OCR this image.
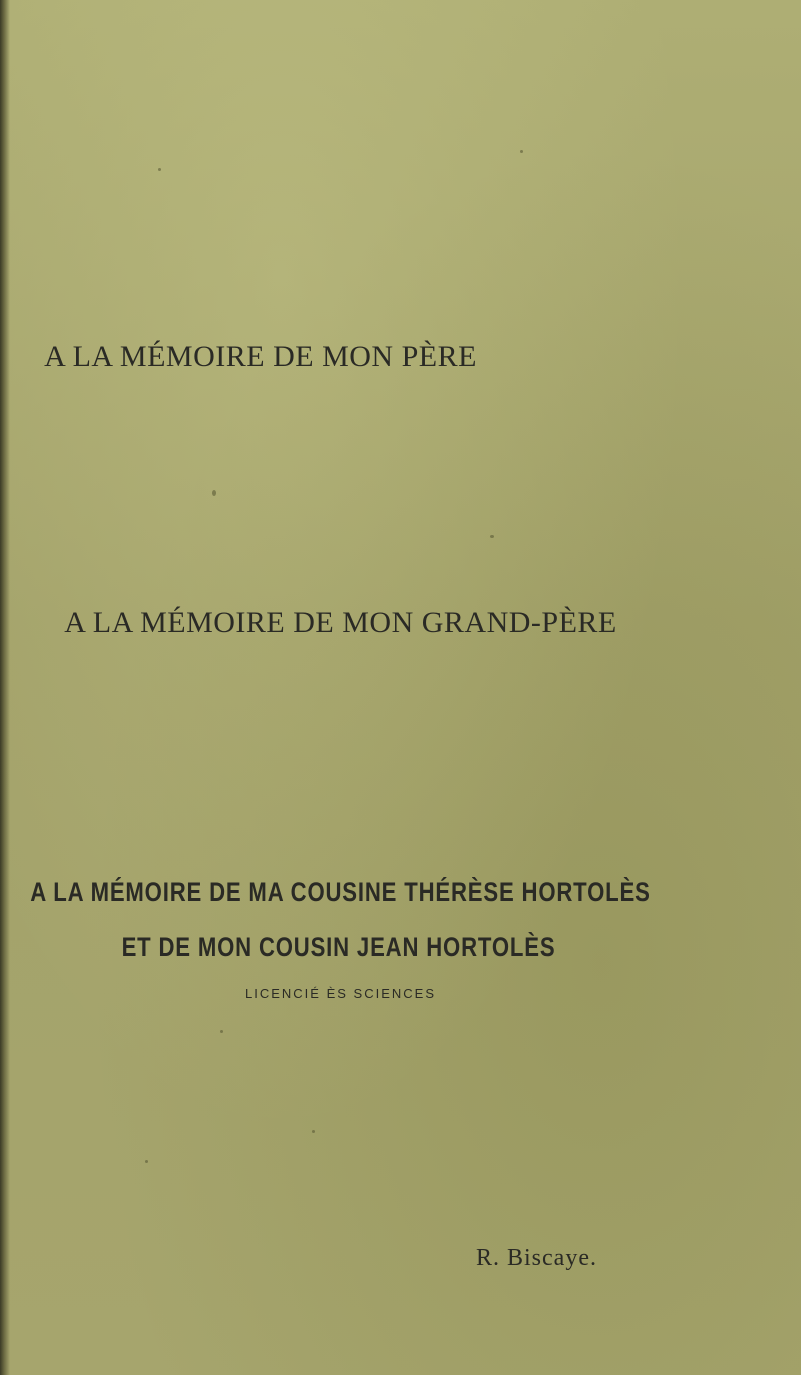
A LA MÉMOIRE DE MON PÈRE
A LA MÉMOIRE DE MON GRAND-PÈRE
A LA MÉMOIRE DE MA COUSINE THÉRÈSE HORTOLÈS
ET DE MON COUSIN JEAN HORTOLÈS
LICENCIÉ ÈS SCIENCES
R. Biscaye.
